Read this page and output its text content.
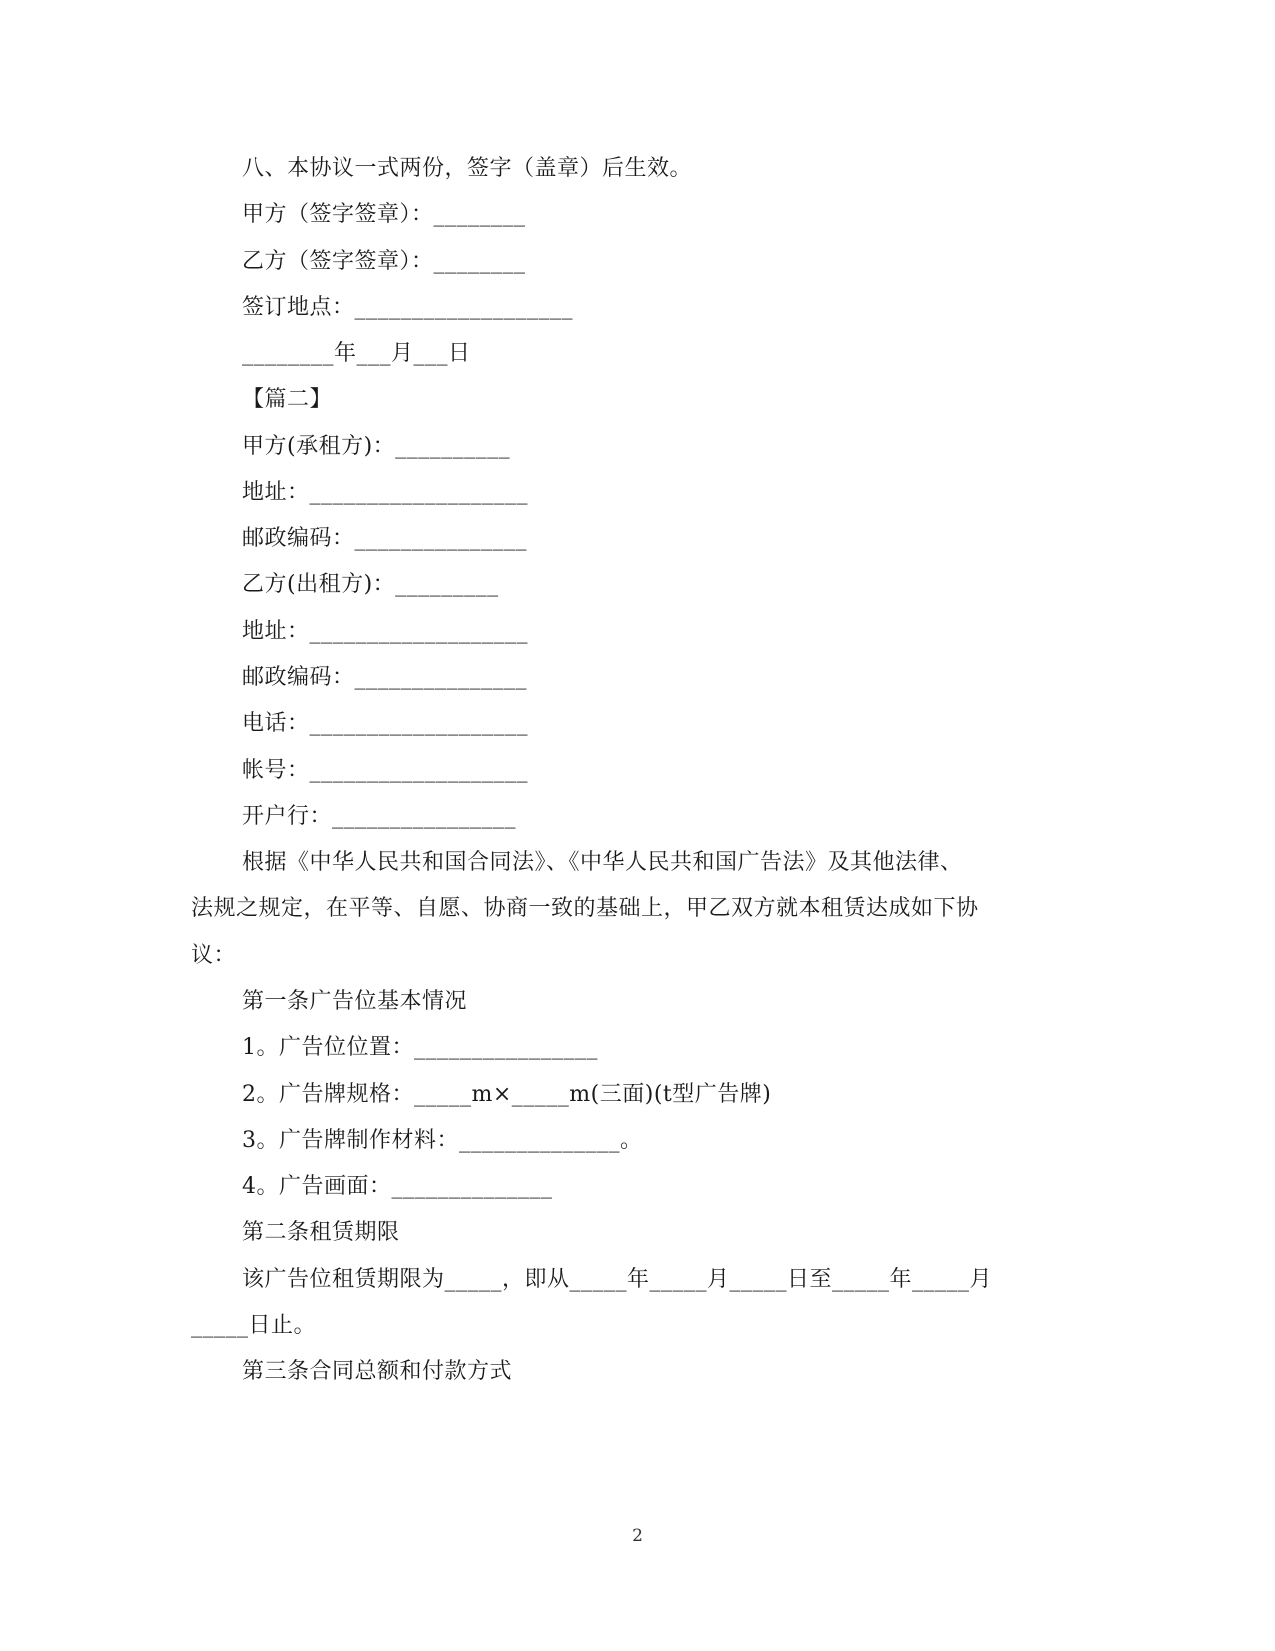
八、本协议一式两份，签字（盖章）后生效。
甲方（签字签章）：________
乙方（签字签章）：________
签订地点：___________________
________年___月___日
【篇二】
甲方(承租方)：__________
地址：___________________
邮政编码：_______________
乙方(出租方)：_________
地址：___________________
邮政编码：_______________
电话：___________________
帐号：___________________
开户行：________________
根据《中华人民共和国合同法》、《中华人民共和国广告法》及其他法律、
法规之规定，在平等、自愿、协商一致的基础上，甲乙双方就本租赁达成如下协
议：
第一条广告位基本情况
1。广告位位置：________________
2。广告牌规格：_____m×_____m(三面)(t型广告牌)
3。广告牌制作材料：______________。
4。广告画面：______________
第二条租赁期限
该广告位租赁期限为_____，即从_____年_____月_____日至_____年_____月
_____日止。
第三条合同总额和付款方式
2
